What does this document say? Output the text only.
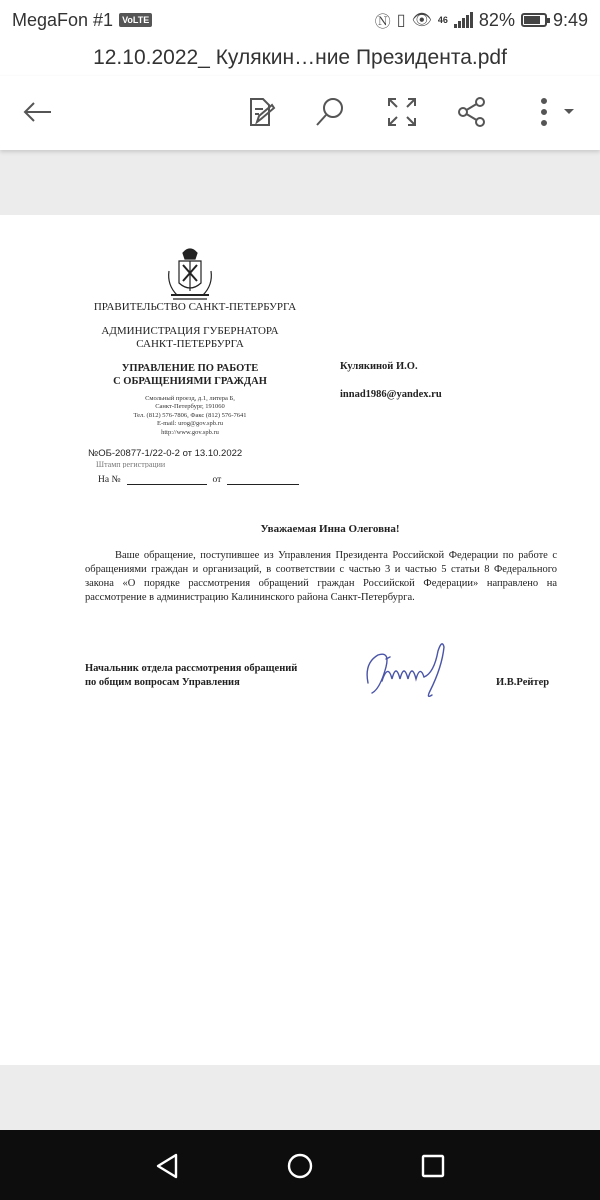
MegaFon #1	VoLTE	Ⓝ ▯ 👁 46 82% 9:49
12.10.2022_ Кулякин…ние Президента.pdf
ПРАВИТЕЛЬСТВО САНКТ-ПЕТЕРБУРГА
АДМИНИСТРАЦИЯ ГУБЕРНАТОРА
САНКТ-ПЕТЕРБУРГА
УПРАВЛЕНИЕ ПО РАБОТЕ
С ОБРАЩЕНИЯМИ ГРАЖДАН
Смольный проезд, д.1, литера Б,
Санкт-Петербург, 191060
Тел. (812) 576-7806, Факс (812) 576-7641
E-mail: urog@gov.spb.ru
http://www.gov.spb.ru
№ОБ-20877-1/22-0-2 от 13.10.2022
Штамп регистрации
На №	от
Кулякиной И.О.
innad1986@yandex.ru
Уважаемая Инна Олеговна!

Ваше обращение, поступившее из Управления Президента Российской Федерации по работе с обращениями граждан и организаций, в соответствии с частью 3 и частью 5 статьи 8 Федерального закона «О порядке рассмотрения обращений граждан Российской Федерации» направлено на рассмотрение в администрацию Калининского района Санкт-Петербурга.

Начальник отдела рассмотрения обращений
по общим вопросам Управления	И.В.Рейтер
